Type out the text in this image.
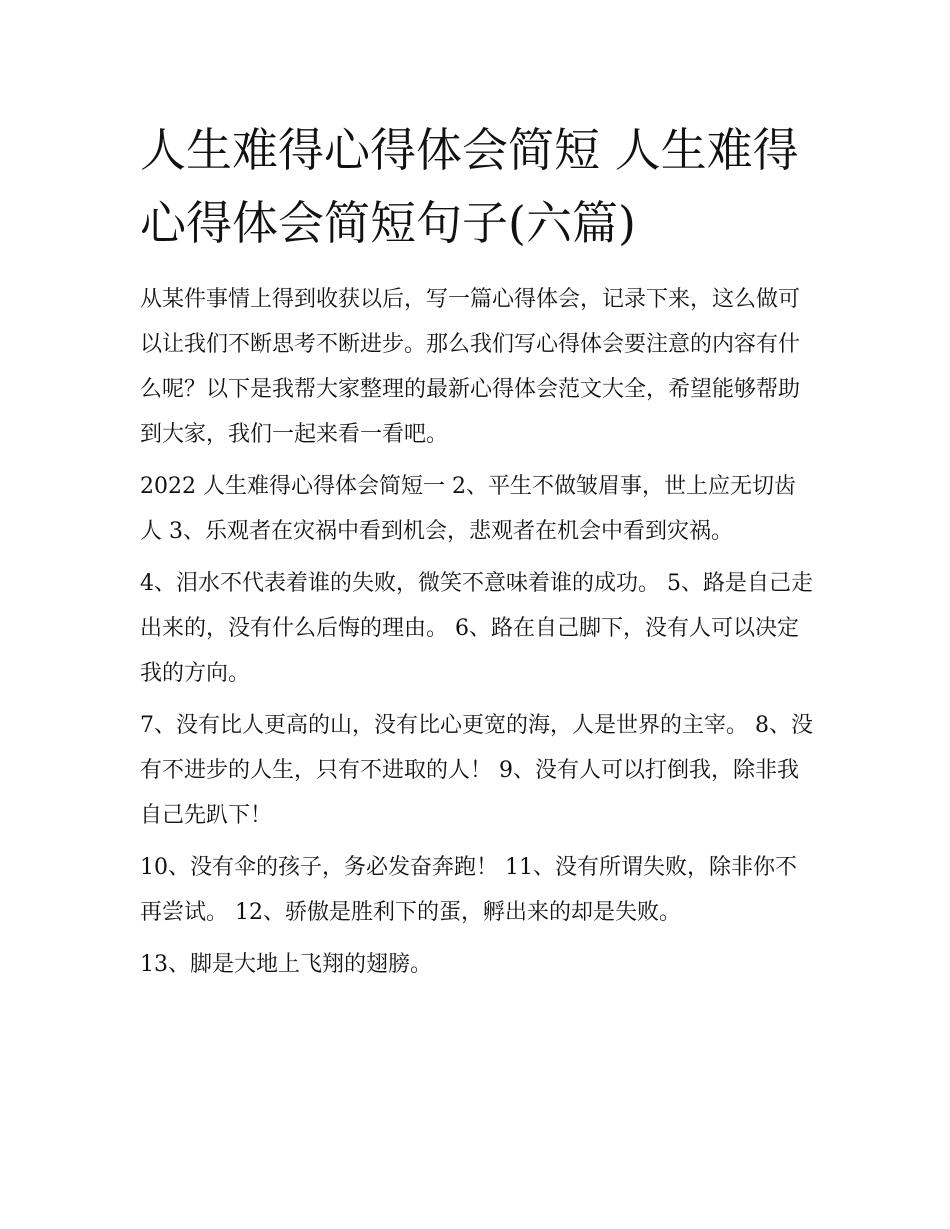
人生难得心得体会简短 人生难得心得体会简短句子(六篇)

从某件事情上得到收获以后，写一篇心得体会，记录下来，这么做可以让我们不断思考不断进步。那么我们写心得体会要注意的内容有什么呢？以下是我帮大家整理的最新心得体会范文大全，希望能够帮助到大家，我们一起来看一看吧。

2022 人生难得心得体会简短一 2、平生不做皱眉事，世上应无切齿人 3、乐观者在灾祸中看到机会，悲观者在机会中看到灾祸。

4、泪水不代表着谁的失败，微笑不意味着谁的成功。 5、路是自己走出来的，没有什么后悔的理由。 6、路在自己脚下，没有人可以决定我的方向。

7、没有比人更高的山，没有比心更宽的海，人是世界的主宰。 8、没有不进步的人生，只有不进取的人！ 9、没有人可以打倒我，除非我自己先趴下！

10、没有伞的孩子，务必发奋奔跑！ 11、没有所谓失败，除非你不再尝试。 12、骄傲是胜利下的蛋，孵出来的却是失败。

13、脚是大地上飞翔的翅膀。
